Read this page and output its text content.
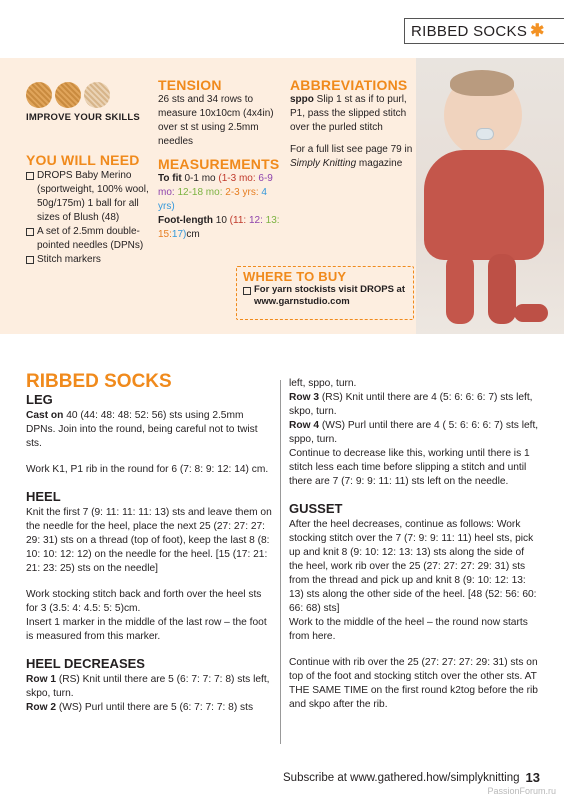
RIBBED SOCKS ✱
IMPROVE YOUR SKILLS
YOU WILL NEED
DROPS Baby Merino (sportweight, 100% wool, 50g/175m) 1 ball for all sizes of Blush (48)
A set of 2.5mm double-pointed needles (DPNs)
Stitch markers
TENSION
26 sts and 34 rows to measure 10x10cm (4x4in) over st st using 2.5mm needles
MEASUREMENTS
To fit 0-1 mo (1-3 mo: 6-9 mo: 12-18 mo: 2-3 yrs: 4 yrs)
Foot-length 10 (11: 12: 13: 15:17)cm
ABBREVIATIONS
sppo Slip 1 st as if to purl, P1, pass the slipped stitch over the purled stitch
For a full list see page 79 in Simply Knitting magazine
WHERE TO BUY
For yarn stockists visit DROPS at www.garnstudio.com
RIBBED SOCKS
LEG

Cast on 40 (44: 48: 48: 52: 56) sts using 2.5mm DPNs. Join into the round, being careful not to twist sts.

Work K1, P1 rib in the round for 6 (7: 8: 9: 12: 14) cm.

HEEL

Knit the first 7 (9: 11: 11: 11: 13) sts and leave them on the needle for the heel, place the next 25 (27: 27: 27: 29: 31) sts on a thread (top of foot), keep the last 8 (8: 10: 10: 12: 12) on the needle for the heel. [15 (17: 21: 21: 23: 25) sts on the needle]

Work stocking stitch back and forth over the heel sts for 3 (3.5: 4: 4.5: 5: 5)cm.

Insert 1 marker in the middle of the last row – the foot is measured from this marker.

HEEL DECREASES
Row 1 (RS) Knit until there are 5 (6: 7: 7: 7: 8) sts left, skpo, turn.
Row 2 (WS) Purl until there are 5 (6: 7: 7: 7: 8) sts
left, sppo, turn.
Row 3 (RS) Knit until there are 4 (5: 6: 6: 6: 7) sts left, skpo, turn.
Row 4 (WS) Purl until there are 4 ( 5: 6: 6: 6: 7) sts left, sppo, turn.

Continue to decrease like this, working until there is 1 stitch less each time before slipping a stitch and until there are 7 (7: 9: 9: 11: 11) sts left on the needle.

GUSSET
After the heel decreases, continue as follows: Work stocking stitch over the 7 (7: 9: 9: 11: 11) heel sts, pick up and knit 8 (9: 10: 12: 13: 13) sts along the side of the heel, work rib over the 25 (27: 27: 27: 29: 31) sts from the thread and pick up and knit 8 (9: 10: 12: 13: 13) sts along the other side of the heel. [48 (52: 56: 60: 66: 68) sts]

Work to the middle of the heel – the round now starts from here.

Continue with rib over the 25 (27: 27: 27: 29: 31) sts on top of the foot and stocking stitch over the other sts. AT THE SAME TIME on the first round k2tog before the rib and skpo after the rib.

Subscribe at www.gathered.how/simplyknitting 13
PassionForum.ru
